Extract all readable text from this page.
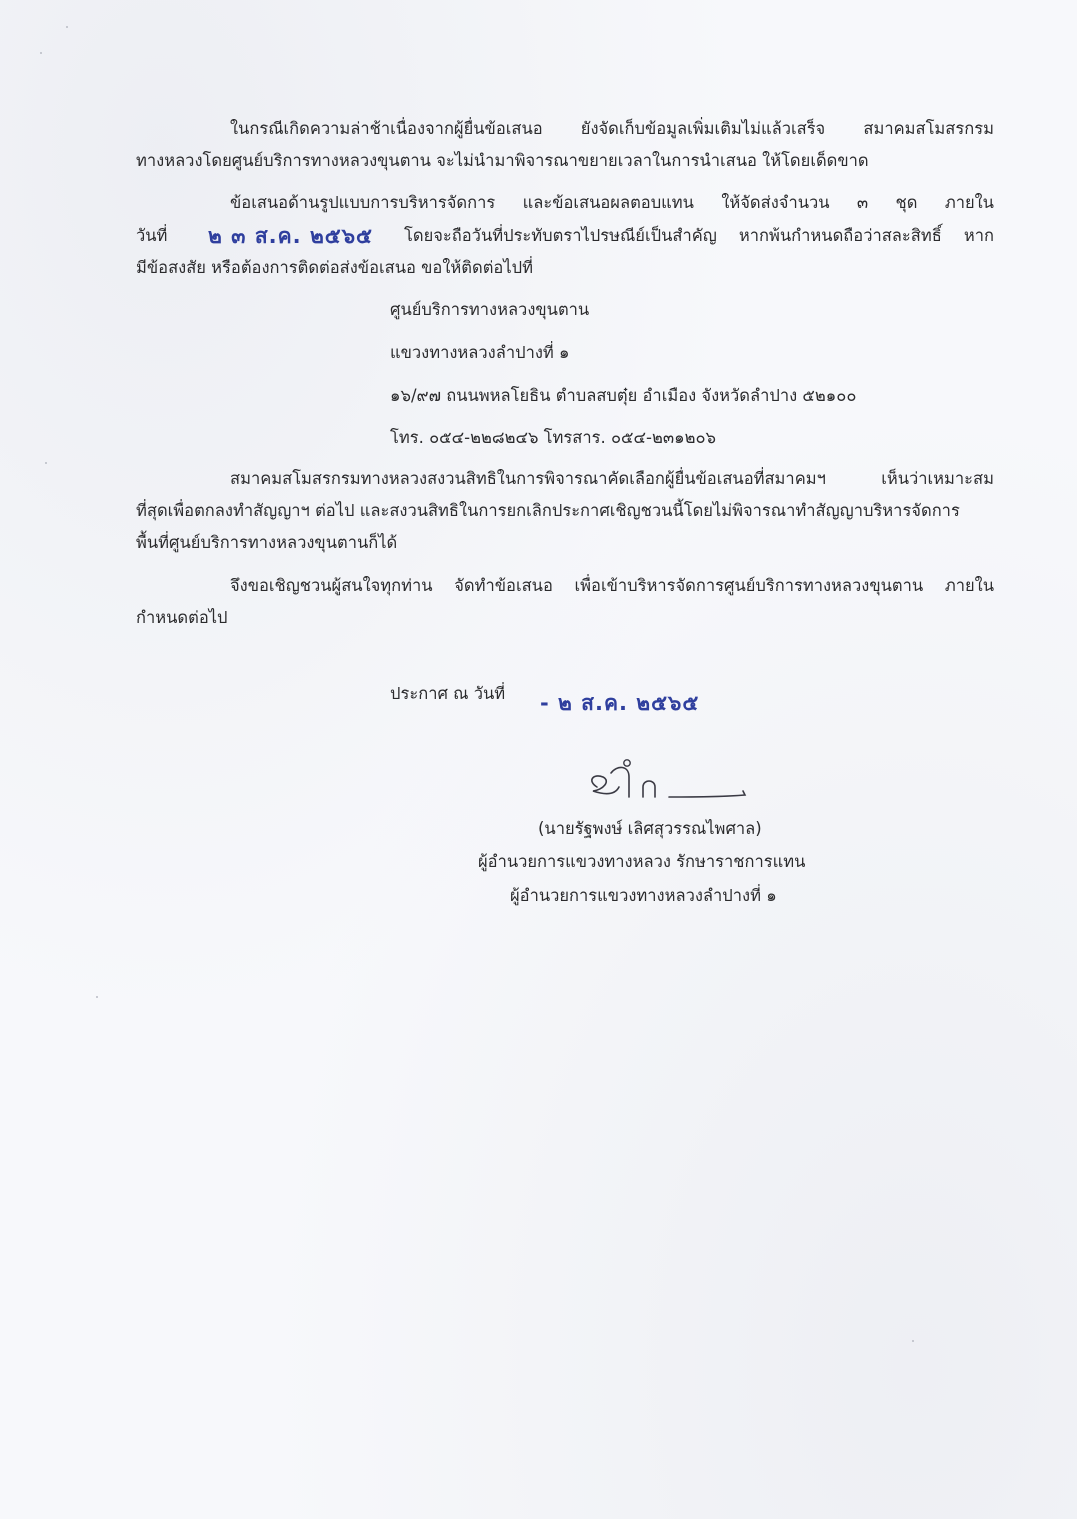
ในกรณีเกิดความล่าช้าเนื่องจากผู้ยื่นข้อเสนอ ยังจัดเก็บข้อมูลเพิ่มเติมไม่แล้วเสร็จ สมาคมสโมสรกรม
ทางหลวงโดยศูนย์บริการทางหลวงขุนตาน จะไม่นำมาพิจารณาขยายเวลาในการนำเสนอ ให้โดยเด็ดขาด
ข้อเสนอด้านรูปแบบการบริหารจัดการ และข้อเสนอผลตอบแทน ให้จัดส่งจำนวน ๓ ชุด ภายใน
วันที่ ๒ ๓ ส.ค. ๒๕๖๕ โดยจะถือวันที่ประทับตราไปรษณีย์เป็นสำคัญ หากพ้นกำหนดถือว่าสละสิทธิ์ หาก
มีข้อสงสัย หรือต้องการติดต่อส่งข้อเสนอ ขอให้ติดต่อไปที่
ศูนย์บริการทางหลวงขุนตาน
แขวงทางหลวงลำปางที่ ๑
๑๖/๙๗ ถนนพหลโยธิน ตำบลสบตุ๋ย อำเมือง จังหวัดลำปาง ๕๒๑๐๐
โทร. ๐๕๔-๒๒๘๒๔๖ โทรสาร. ๐๕๔-๒๓๑๒๐๖
สมาคมสโมสรกรมทางหลวงสงวนสิทธิในการพิจารณาคัดเลือกผู้ยื่นข้อเสนอที่สมาคมฯ	เห็นว่าเหมาะสม
ที่สุดเพื่อตกลงทำสัญญาฯ ต่อไป และสงวนสิทธิในการยกเลิกประกาศเชิญชวนนี้โดยไม่พิจารณาทำสัญญาบริหารจัดการ
พื้นที่ศูนย์บริการทางหลวงขุนตานก็ได้
จึงขอเชิญชวนผู้สนใจทุกท่าน จัดทำข้อเสนอ เพื่อเข้าบริหารจัดการศูนย์บริการทางหลวงขุนตาน ภายใน
กำหนดต่อไป
ประกาศ ณ วันที่ - ๒ ส.ค. ๒๕๖๕
(นายรัฐพงษ์ เลิศสุวรรณไพศาล)
ผู้อำนวยการแขวงทางหลวง รักษาราชการแทน
ผู้อำนวยการแขวงทางหลวงลำปางที่ ๑
